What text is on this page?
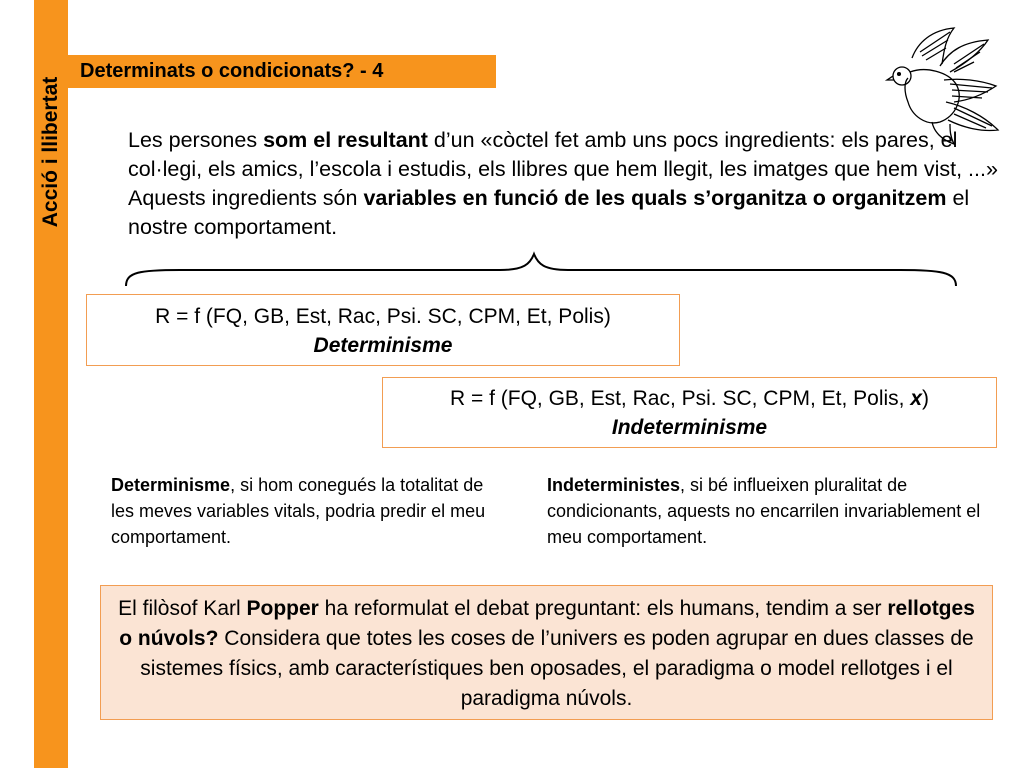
Acció i llibertat
Determinats o condicionats? - 4

Les persones som el resultant d’un «còctel fet amb uns pocs ingredients: els pares, el col·legi, els amics, l’escola i estudis, els llibres que hem llegit, les imatges que hem vist, ...» Aquests ingredients són variables en funció de les quals s’organitza o organitzem el nostre comportament.

R = f (FQ, GB, Est, Rac, Psi. SC, CPM, Et, Polis)
Determinisme
R = f (FQ, GB, Est, Rac, Psi. SC, CPM, Et, Polis, x)
Indeterminisme

Determinisme, si hom conegués la totalitat de les meves variables vitals, podria predir el meu comportament.

Indeterministes, si bé influeixen pluralitat de condicionants, aquests no encarrilen invariablement el meu comportament.

El filòsof Karl Popper ha reformulat el debat preguntant: els humans, tendim a ser rellotges o núvols? Considera que totes les coses de l’univers es poden agrupar en dues classes de sistemes físics, amb característiques ben oposades, el paradigma o model rellotges i el paradigma núvols.
